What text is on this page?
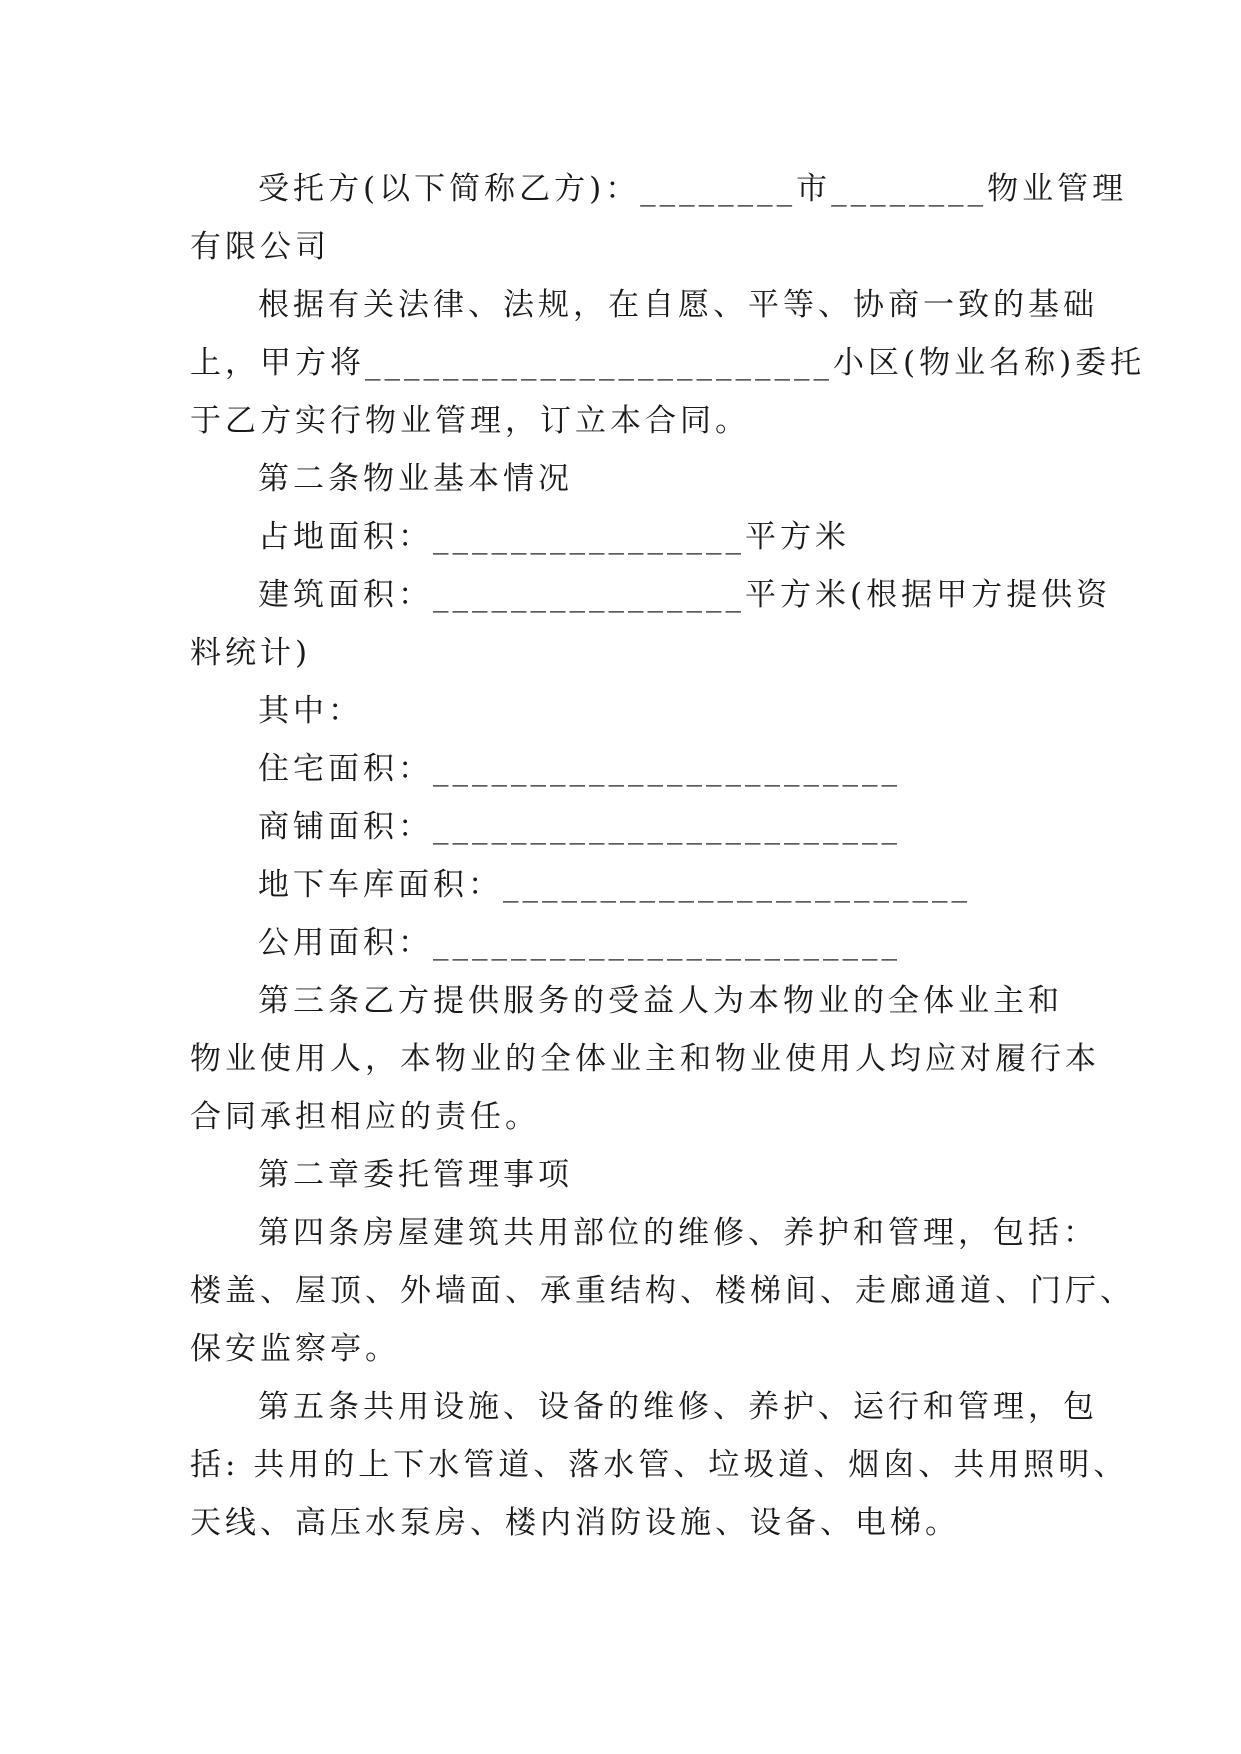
受托方(以下简称乙方)：________市________物业管理
有限公司
根据有关法律、法规，在自愿、平等、协商一致的基础
上，甲方将________________________小区(物业名称)委托
于乙方实行物业管理，订立本合同。
第二条物业基本情况
占地面积：________________平方米
建筑面积：________________平方米(根据甲方提供资
料统计)
其中：
住宅面积：________________________
商铺面积：________________________
地下车库面积：________________________
公用面积：________________________
第三条乙方提供服务的受益人为本物业的全体业主和
物业使用人，本物业的全体业主和物业使用人均应对履行本
合同承担相应的责任。
第二章委托管理事项
第四条房屋建筑共用部位的维修、养护和管理，包括：
楼盖、屋顶、外墙面、承重结构、楼梯间、走廊通道、门厅、
保安监察亭。
第五条共用设施、设备的维修、养护、运行和管理，包
括: 共用的上下水管道、落水管、垃圾道、烟囱、共用照明、
天线、高压水泵房、楼内消防设施、设备、电梯。
